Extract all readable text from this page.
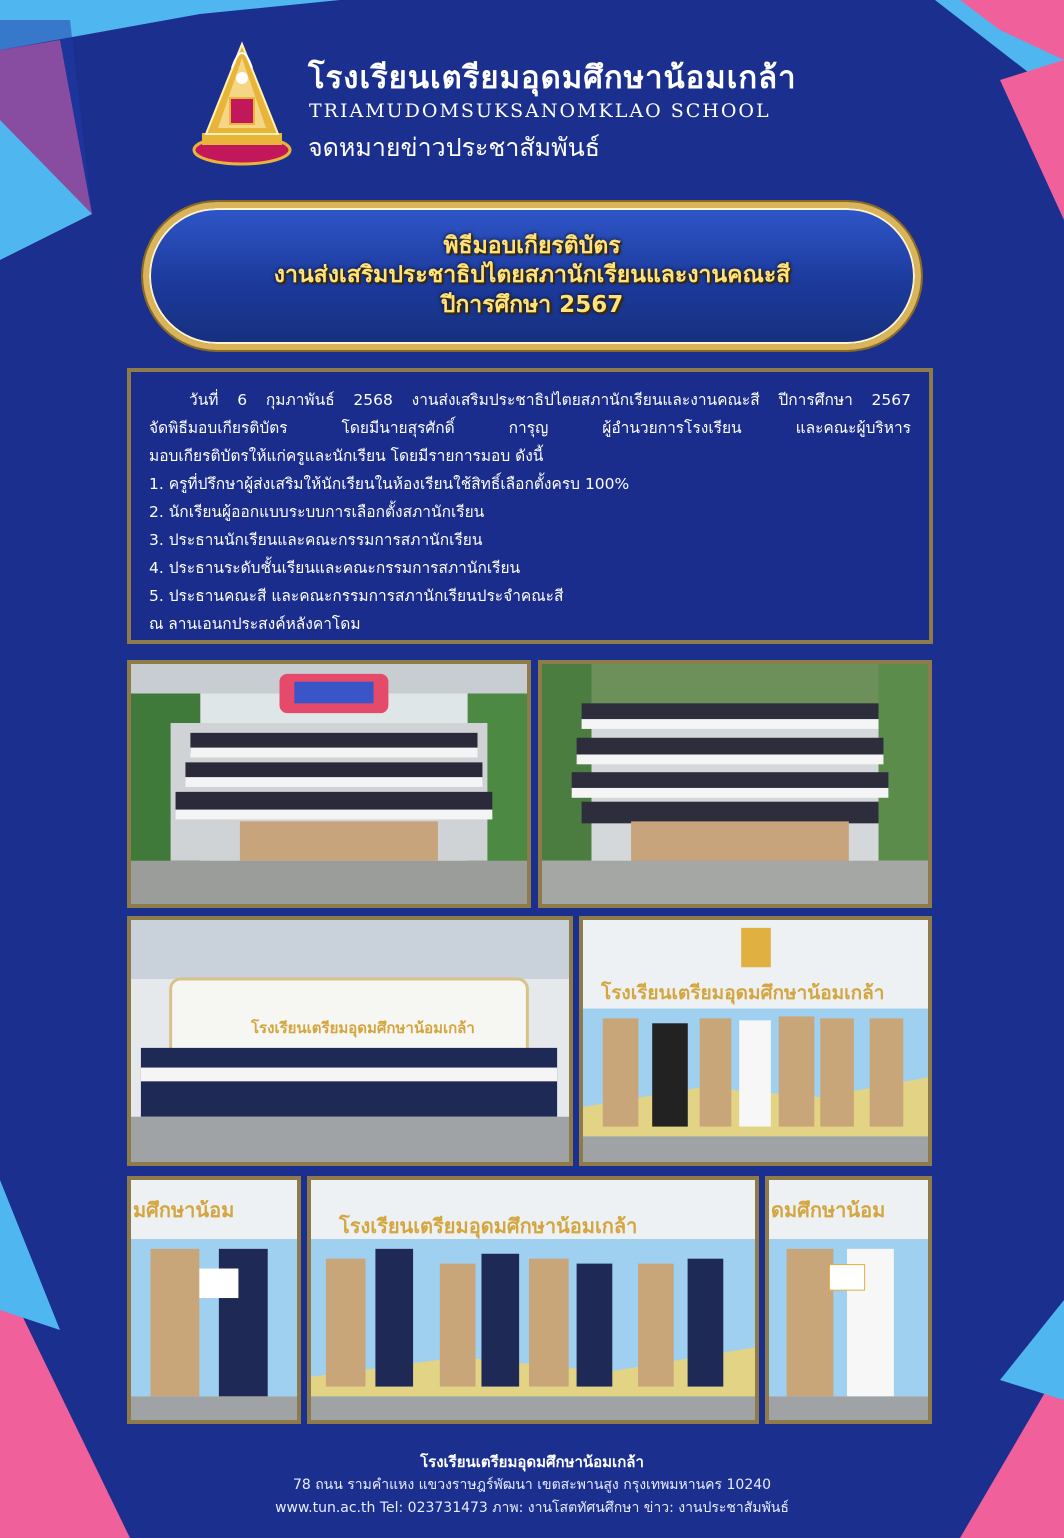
โรงเรียนเตรียมอุดมศึกษาน้อมเกล้า
TRIAMUDOMSUKSANOMKLAO SCHOOL
จดหมายข่าวประชาสัมพันธ์
พิธีมอบเกียรติบัตร
งานส่งเสริมประชาธิปไตยสภานักเรียนและงานคณะสี
ปีการศึกษา 2567

วันที่ 6 กุมภาพันธ์ 2568 งานส่งเสริมประชาธิปไตยสภานักเรียนและงานคณะสี ปีการศึกษา 2567

จัดพิธีมอบเกียรติบัตร โดยมีนายสุรศักดิ์ การุญ ผู้อำนวยการโรงเรียน และคณะผู้บริหาร

มอบเกียรติบัตรให้แก่ครูและนักเรียน โดยมีรายการมอบ ดังนี้

1. ครูที่ปรึกษาผู้ส่งเสริมให้นักเรียนในห้องเรียนใช้สิทธิ์เลือกตั้งครบ 100%

2. นักเรียนผู้ออกแบบระบบการเลือกตั้งสภานักเรียน

3. ประธานนักเรียนและคณะกรรมการสภานักเรียน

4. ประธานระดับชั้นเรียนและคณะกรรมการสภานักเรียน

5. ประธานคณะสี และคณะกรรมการสภานักเรียนประจำคณะสี

ณ ลานเอนกประสงค์หลังคาโดม

โรงเรียนเตรียมอุดมศึกษาน้อมเกล้า
โรงเรียนเตรียมอุดมศึกษาน้อมเกล้า
มศึกษาน้อม
โรงเรียนเตรียมอุดมศึกษาน้อมเกล้า
ดมศึกษาน้อม
โรงเรียนเตรียมอุดมศึกษาน้อมเกล้า
78 ถนน รามคำแหง แขวงราษฎร์พัฒนา เขตสะพานสูง กรุงเทพมหานคร 10240
www.tun.ac.th Tel: 023731473 ภาพ: งานโสตทัศนศึกษา ข่าว: งานประชาสัมพันธ์
